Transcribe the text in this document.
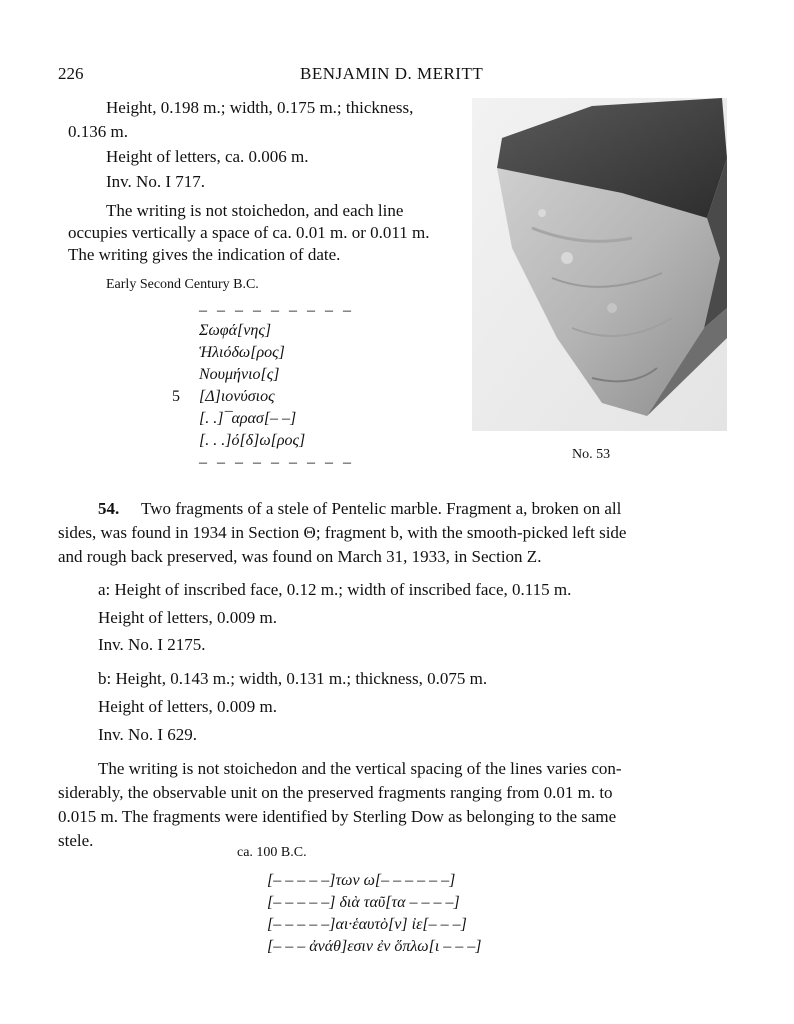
226	BENJAMIN D. MERITT
Height, 0.198 m.; width, 0.175 m.; thickness,
0.136 m.
Height of letters, ca. 0.006 m.
Inv. No. I 717.
The writing is not stoichedon, and each line
occupies vertically a space of ca. 0.01 m. or 0.011 m.
The writing gives the indication of date.
Early Second Century B.C.
– – – – – – – – –
Σωφά[νης]
Ἡλιόδω[ρος]
Νουμήνιο[ς]
5 [Δ]ιονύσιος
[. .]¯αρασ[– –]
[. . .]ό[δ]ω[ρος]
– – – – – – – – –	No. 53
54. Two fragments of a stele of Pentelic marble. Fragment a, broken on all
sides, was found in 1934 in Section Θ; fragment b, with the smooth-picked left side
and rough back preserved, was found on March 31, 1933, in Section Z.
a: Height of inscribed face, 0.12 m.; width of inscribed face, 0.115 m.
Height of letters, 0.009 m.
Inv. No. I 2175.
b: Height, 0.143 m.; width, 0.131 m.; thickness, 0.075 m.
Height of letters, 0.009 m.
Inv. No. I 629.
The writing is not stoichedon and the vertical spacing of the lines varies con-
siderably, the observable unit on the preserved fragments ranging from 0.01 m. to
0.015 m. The fragments were identified by Sterling Dow as belonging to the same
stele.
ca. 100 B.C.
[– – – – –]των ω[– – – – – –]
[– – – – –] διὰ ταῦ[τα – – – –]
[– – – – –]αι·ἑαυτὸ[ν] ἰε[– – –]
[– – – ἀνάθ]εσιν ἐν ὅπλω[ι – – –]
